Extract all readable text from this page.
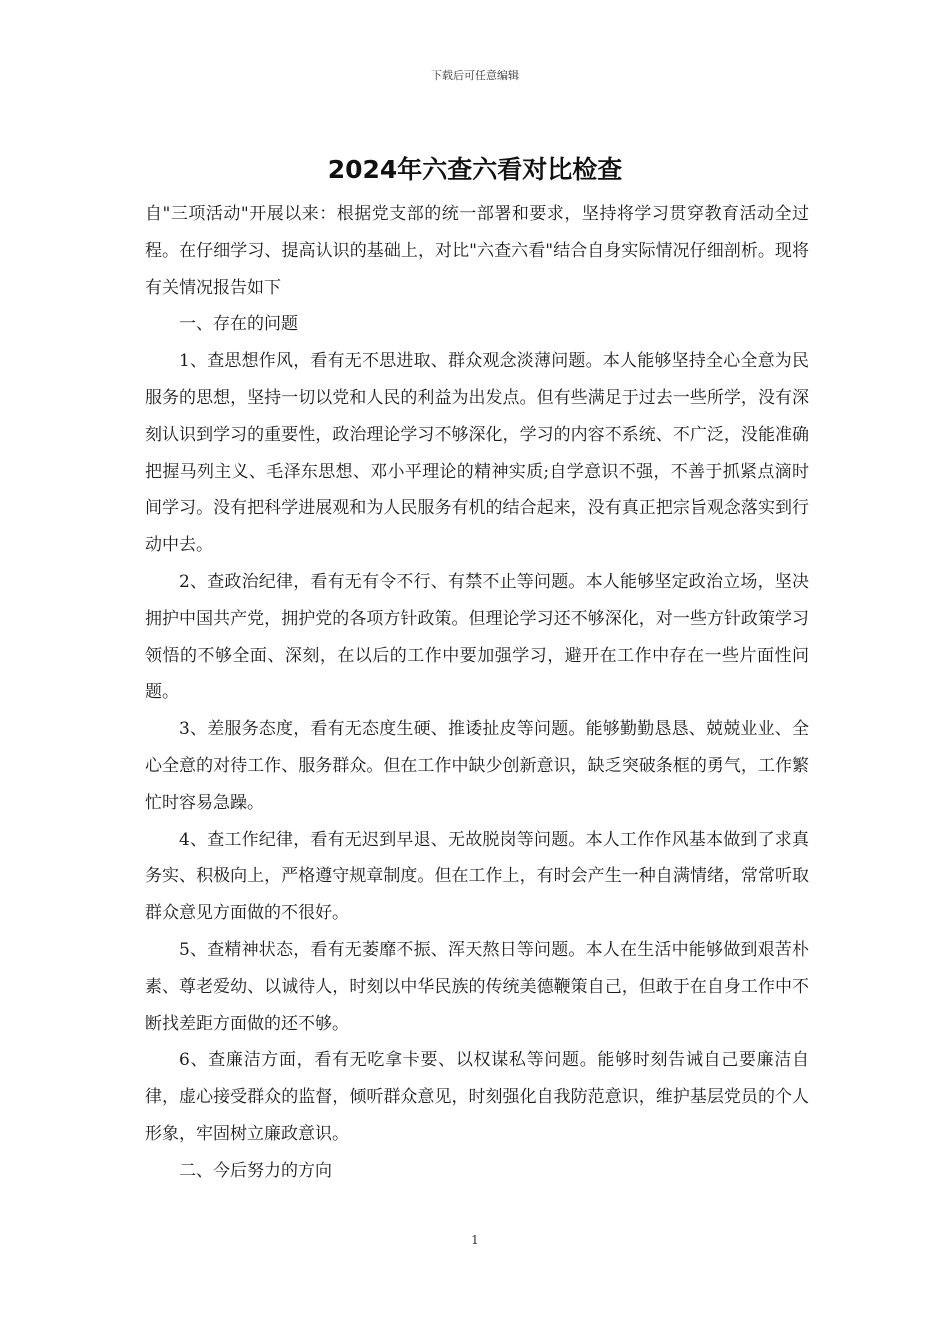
下载后可任意编辑
2024年六查六看对比检查

自"三项活动"开展以来：根据党支部的统一部署和要求，坚持将学习贯穿教育活动全过程。在仔细学习、提高认识的基础上，对比"六查六看"结合自身实际情况仔细剖析。现将有关情况报告如下

一、存在的问题

1、查思想作风，看有无不思进取、群众观念淡薄问题。本人能够坚持全心全意为民服务的思想，坚持一切以党和人民的利益为出发点。但有些满足于过去一些所学，没有深刻认识到学习的重要性，政治理论学习不够深化，学习的内容不系统、不广泛，没能准确把握马列主义、毛泽东思想、邓小平理论的精神实质;自学意识不强，不善于抓紧点滴时间学习。没有把科学进展观和为人民服务有机的结合起来，没有真正把宗旨观念落实到行动中去。

2、查政治纪律，看有无有令不行、有禁不止等问题。本人能够坚定政治立场，坚决拥护中国共产党，拥护党的各项方针政策。但理论学习还不够深化，对一些方针政策学习领悟的不够全面、深刻，在以后的工作中要加强学习，避开在工作中存在一些片面性问题。

3、差服务态度，看有无态度生硬、推诿扯皮等问题。能够勤勤恳恳、兢兢业业、全心全意的对待工作、服务群众。但在工作中缺少创新意识，缺乏突破条框的勇气，工作繁忙时容易急躁。

4、查工作纪律，看有无迟到早退、无故脱岗等问题。本人工作作风基本做到了求真务实、积极向上，严格遵守规章制度。但在工作上，有时会产生一种自满情绪，常常听取群众意见方面做的不很好。

5、查精神状态，看有无萎靡不振、浑天熬日等问题。本人在生活中能够做到艰苦朴素、尊老爱幼、以诚待人，时刻以中华民族的传统美德鞭策自己，但敢于在自身工作中不断找差距方面做的还不够。

6、查廉洁方面，看有无吃拿卡要、以权谋私等问题。能够时刻告诫自己要廉洁自律，虚心接受群众的监督，倾听群众意见，时刻强化自我防范意识，维护基层党员的个人形象，牢固树立廉政意识。

二、今后努力的方向

1
